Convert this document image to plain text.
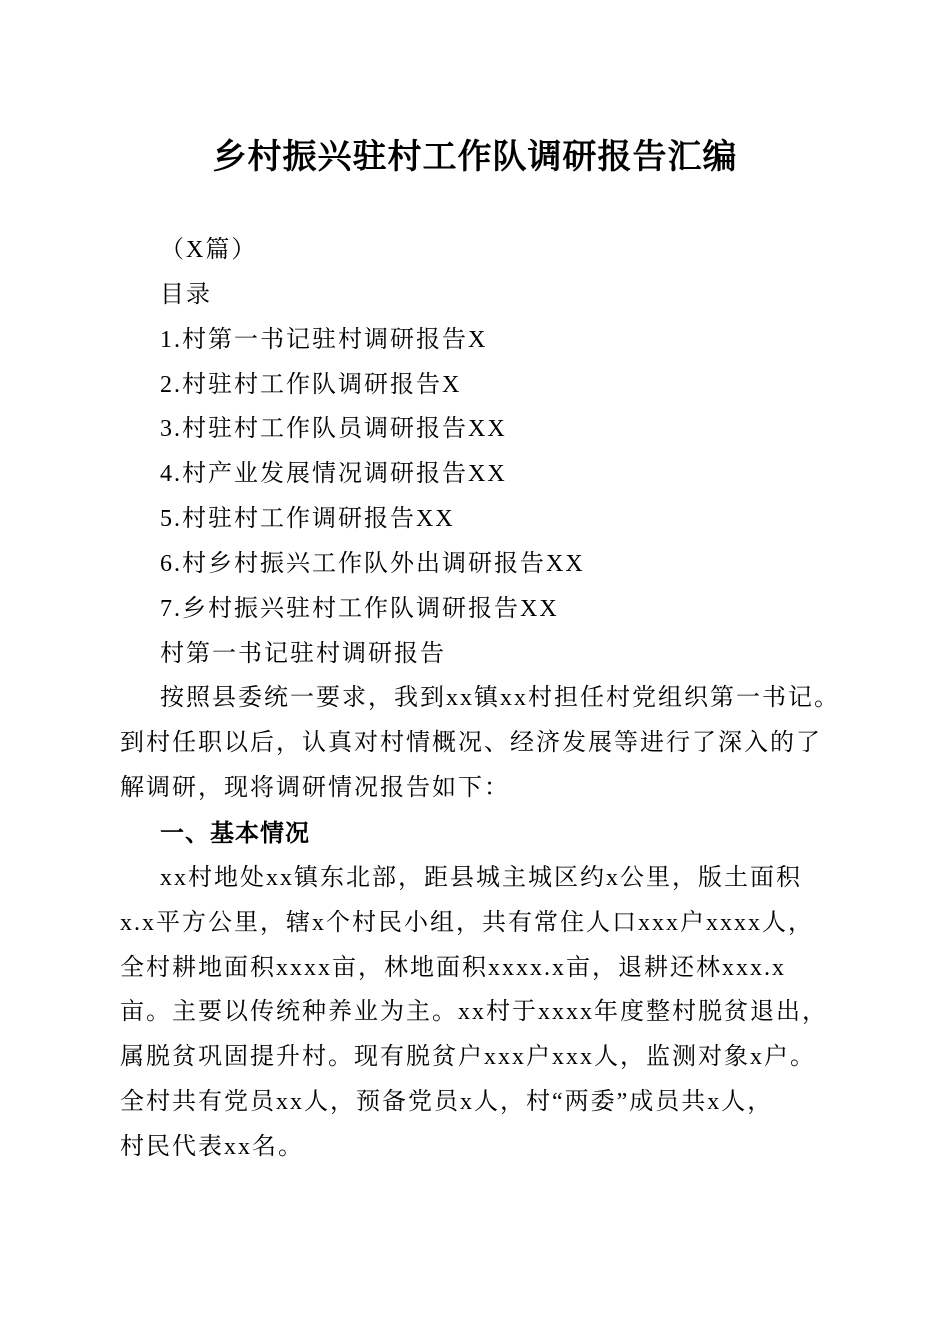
乡村振兴驻村工作队调研报告汇编
（X篇）
目录
1.村第一书记驻村调研报告X
2.村驻村工作队调研报告X
3.村驻村工作队员调研报告XX
4.村产业发展情况调研报告XX
5.村驻村工作调研报告XX
6.村乡村振兴工作队外出调研报告XX
7.乡村振兴驻村工作队调研报告XX
村第一书记驻村调研报告
按照县委统一要求，我到xx镇xx村担任村党组织第一书记。
到村任职以后，认真对村情概况、经济发展等进行了深入的了
解调研，现将调研情况报告如下：
一、基本情况
xx村地处xx镇东北部，距县城主城区约x公里，版土面积
x.x平方公里，辖x个村民小组，共有常住人口xxx户xxxx人，
全村耕地面积xxxx亩，林地面积xxxx.x亩，退耕还林xxx.x
亩。主要以传统种养业为主。xx村于xxxx年度整村脱贫退出，
属脱贫巩固提升村。现有脱贫户xxx户xxx人，监测对象x户。
全村共有党员xx人，预备党员x人，村“两委”成员共x人，
村民代表xx名。
